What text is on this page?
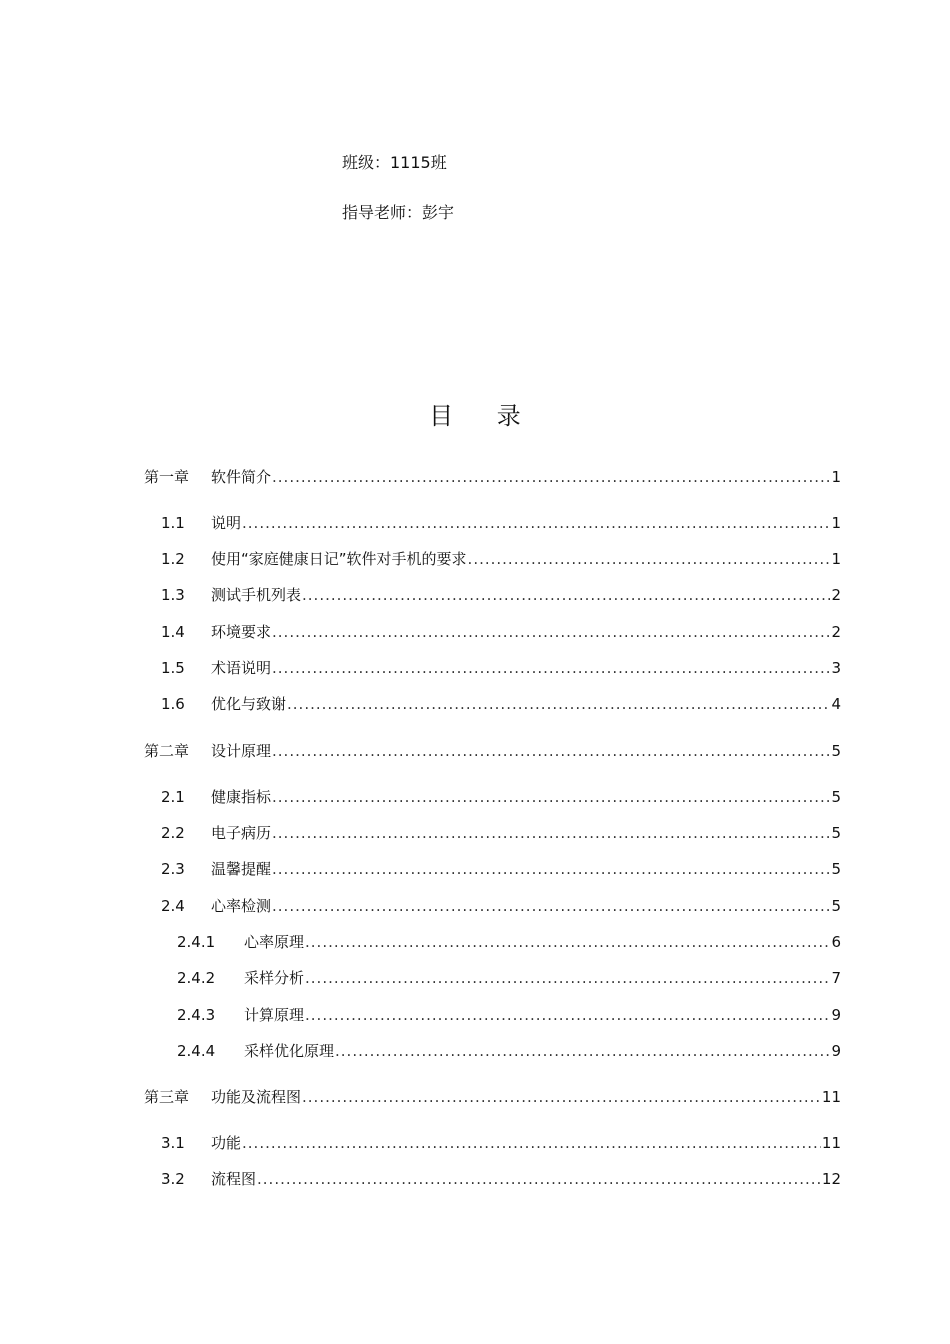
班级：1115班
指导老师：彭宇
目 录
第一章	软件简介 .....	1
1.1	说明 .....	1
1.2	使用“家庭健康日记”软件对手机的要求 .....	1
1.3	测试手机列表 .....	2
1.4	环境要求 .....	2
1.5	术语说明 .....	3
1.6	优化与致谢 .....	4
第二章	设计原理 .....	5
2.1	健康指标 .....	5
2.2	电子病历 .....	5
2.3	温馨提醒 .....	5
2.4	心率检测 .....	5
2.4.1	心率原理 .....	6
2.4.2	采样分析 .....	7
2.4.3	计算原理 .....	9
2.4.4	采样优化原理 .....	9
第三章	功能及流程图 .....	11
3.1	功能 .....	11
3.2	流程图 .....	12
